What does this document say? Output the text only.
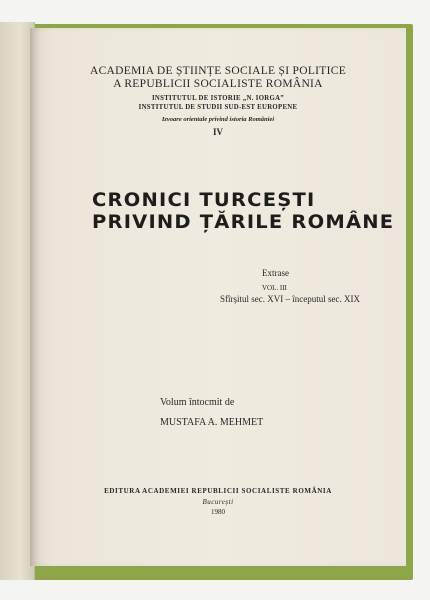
ACADEMIA DE ȘTIINȚE SOCIALE ȘI POLITICE
A REPUBLICII SOCIALISTE ROMÂNIA
INSTITUTUL DE ISTORIE „N. IORGA”
INSTITUTUL DE STUDII SUD-EST EUROPENE
Izvoare orientale privind istoria României
IV
CRONICI TURCEȘTI
PRIVIND ȚĂRILE ROMÂNE
Extrase
VOL. III
Sfîrșitul sec. XVI – începutul sec. XIX
Volum întocmit de
MUSTAFA A. MEHMET
EDITURA ACADEMIEI REPUBLICII SOCIALISTE ROMÂNIA
București
1980
